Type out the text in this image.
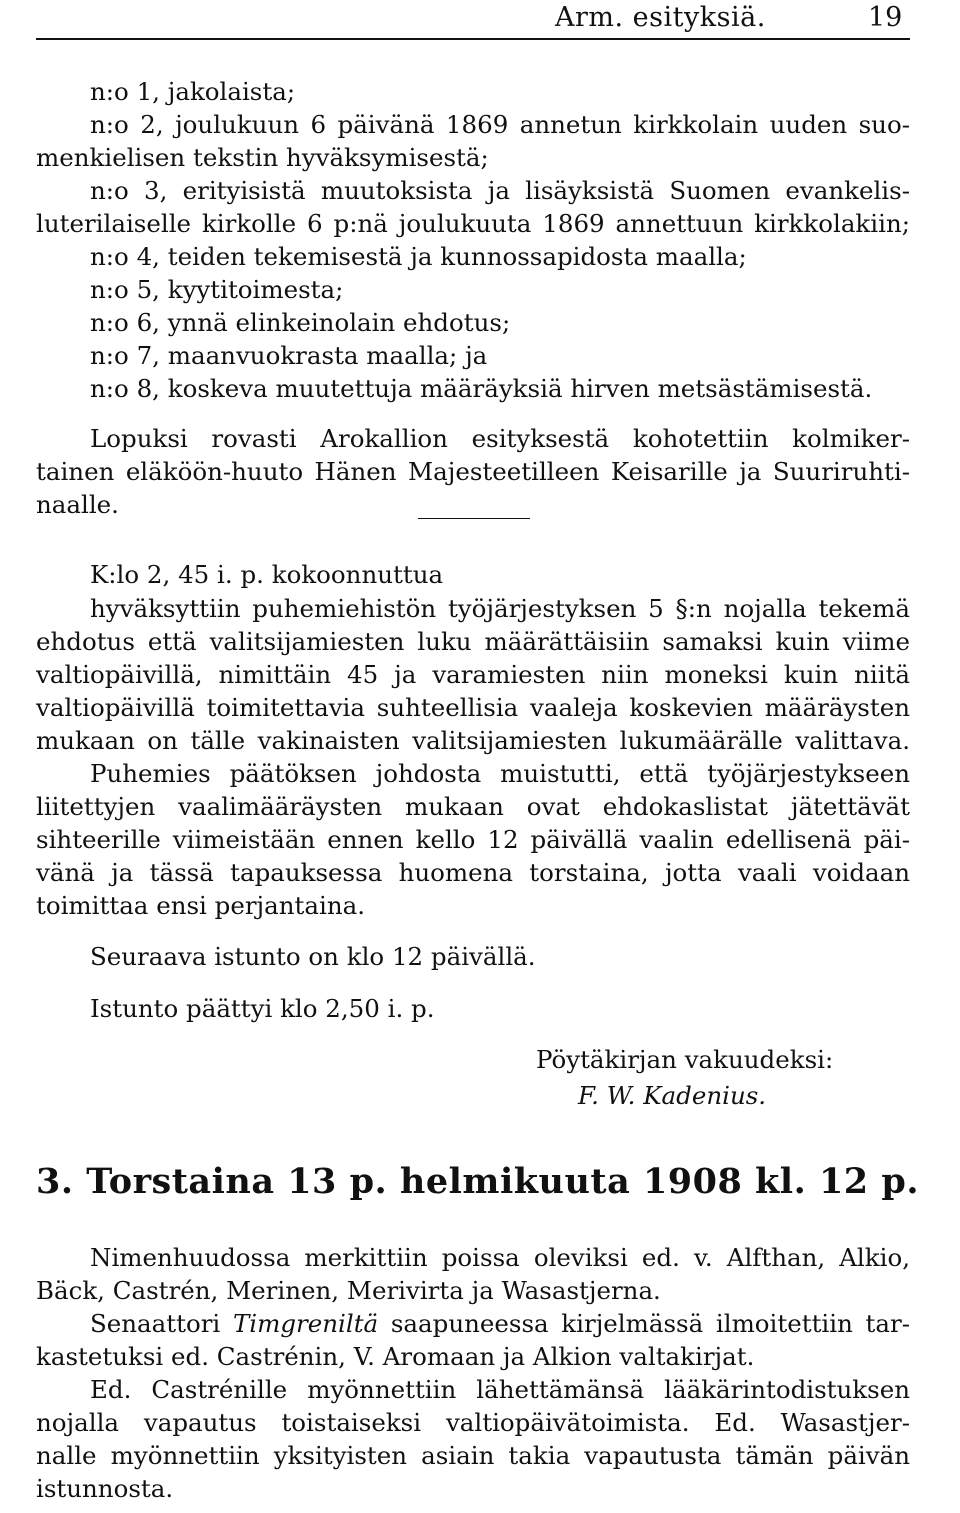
Arm. esityksiä.	19
n:o 1, jakolaista;
n:o 2, joulukuun 6 päivänä 1869 annetun kirkkolain uuden suo-
menkielisen tekstin hyväksymisestä;
n:o 3, erityisistä muutoksista ja lisäyksistä Suomen evankelis-
luterilaiselle kirkolle 6 p:nä joulukuuta 1869 annettuun kirkkolakiin;
n:o 4, teiden tekemisestä ja kunnossapidosta maalla;
n:o 5, kyytitoimesta;
n:o 6, ynnä elinkeinolain ehdotus;
n:o 7, maanvuokrasta maalla; ja
n:o 8, koskeva muutettuja määräyksiä hirven metsästämisestä.
Lopuksi rovasti Arokallion esityksestä kohotettiin kolmiker-
tainen eläköön-huuto Hänen Majesteetilleen Keisarille ja Suuriruhti-
naalle.
K:lo 2, 45 i. p. kokoonnuttua
hyväksyttiin puhemiehistön työjärjestyksen 5 §:n nojalla tekemä
ehdotus että valitsijamiesten luku määrättäisiin samaksi kuin viime
valtiopäivillä, nimittäin 45 ja varamiesten niin moneksi kuin niitä
valtiopäivillä toimitettavia suhteellisia vaaleja koskevien määräysten
mukaan on tälle vakinaisten valitsijamiesten lukumäärälle valittava.
Puhemies päätöksen johdosta muistutti, että työjärjestykseen
liitettyjen vaalimääräysten mukaan ovat ehdokaslistat jätettävät
sihteerille viimeistään ennen kello 12 päivällä vaalin edellisenä päi-
vänä ja tässä tapauksessa huomena torstaina, jotta vaali voidaan
toimittaa ensi perjantaina.
Seuraava istunto on klo 12 päivällä.
Istunto päättyi klo 2,50 i. p.
Pöytäkirjan vakuudeksi:
F. W. Kadenius.
3. Torstaina 13 p. helmikuuta 1908 kl. 12 p.
Nimenhuudossa merkittiin poissa oleviksi ed. v. Alfthan, Alkio,
Bäck, Castrén, Merinen, Merivirta ja Wasastjerna.
Senaattori Timgreniltä saapuneessa kirjelmässä ilmoitettiin tar-
kastetuksi ed. Castrénin, V. Aromaan ja Alkion valtakirjat.
Ed. Castrénille myönnettiin lähettämänsä lääkärintodistuksen
nojalla vapautus toistaiseksi valtiopäivätoimista. Ed. Wasastjer-
nalle myönnettiin yksityisten asiain takia vapautusta tämän päivän
istunnosta.
